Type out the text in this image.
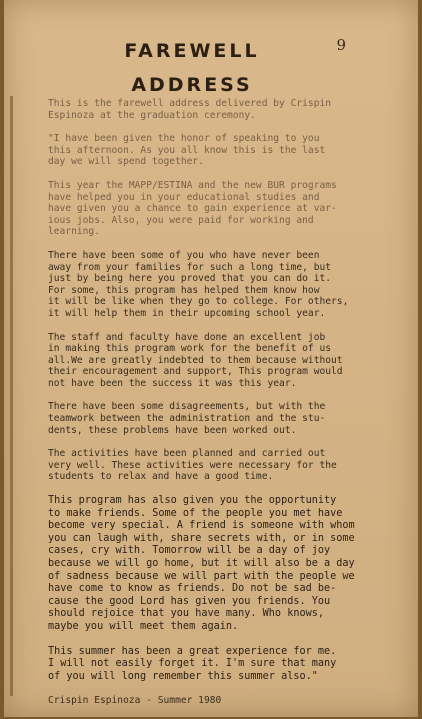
9
FAREWELL
ADDRESS

This is the farewell address delivered by Crispin
Espinoza at the graduation ceremony.

"I have been given the honor of speaking to you
this afternoon. As you all know this is the last
day we will spend together.

This year the MAPP/ESTINA and the new BUR programs
have helped you in your educational studies and
have given you a chance to gain experience at var-
ious jobs. Also, you were paid for working and
learning.

There have been some of you who have never been
away from your families for such a long time, but
just by being here you proved that you can do it.
For some, this program has helped them know how
it will be like when they go to college. For others,
it will help them in their upcoming school year.

The staff and faculty have done an excellent job
in making this program work for the benefit of us
all.We are greatly indebted to them because without
their encouragement and support, This program would
not have been the success it was this year.

There have been some disagreements, but with the
teamwork between the administration and the stu-
dents, these problems have been worked out.

The activities have been planned and carried out
very well. These activities were necessary for the
students to relax and have a good time.

This program has also given you the opportunity
to make friends. Some of the people you met have
become very special. A friend is someone with whom
you can laugh with, share secrets with, or in some
cases, cry with. Tomorrow will be a day of joy
because we will go home, but it will also be a day
of sadness because we will part with the people we
have come to know as friends. Do not be sad be-
cause the good Lord has given you friends. You
should rejoice that you have many. Who knows,
maybe you will meet them again.

This summer has been a great experience for me.
I will not easily forget it. I'm sure that many
of you will long remember this summer also."

Crispin Espinoza - Summer 1980
